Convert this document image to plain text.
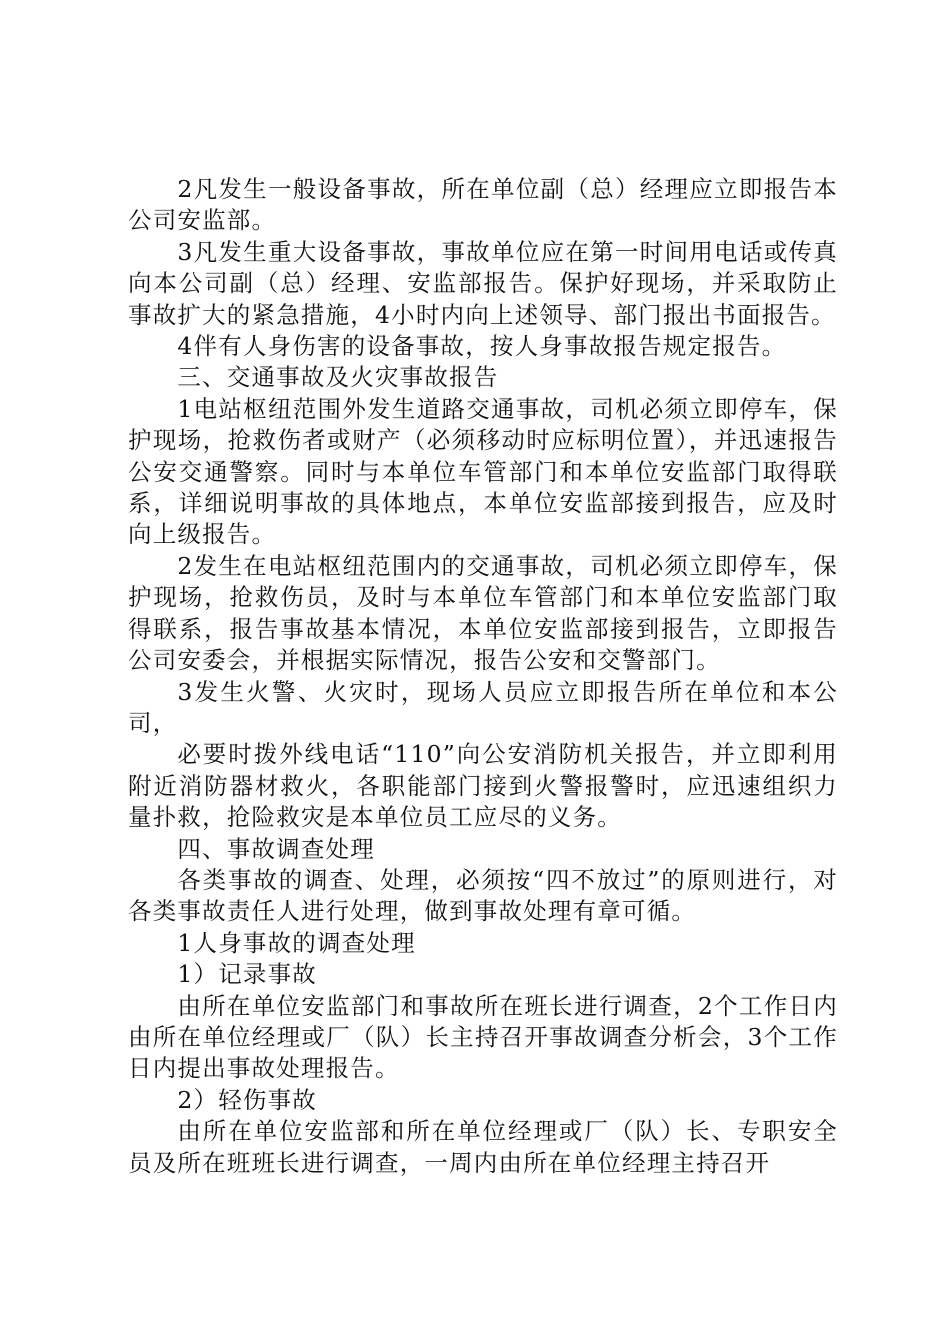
2凡发生一般设备事故，所在单位副（总）经理应立即报告本公司安监部。

3凡发生重大设备事故，事故单位应在第一时间用电话或传真向本公司副（总）经理、安监部报告。保护好现场，并采取防止事故扩大的紧急措施，4小时内向上述领导、部门报出书面报告。

4伴有人身伤害的设备事故，按人身事故报告规定报告。

三、交通事故及火灾事故报告

1电站枢纽范围外发生道路交通事故，司机必须立即停车，保护现场，抢救伤者或财产（必须移动时应标明位置），并迅速报告公安交通警察。同时与本单位车管部门和本单位安监部门取得联系，详细说明事故的具体地点，本单位安监部接到报告，应及时向上级报告。

2发生在电站枢纽范围内的交通事故，司机必须立即停车，保护现场，抢救伤员，及时与本单位车管部门和本单位安监部门取得联系，报告事故基本情况，本单位安监部接到报告，立即报告公司安委会，并根据实际情况，报告公安和交警部门。

3发生火警、火灾时，现场人员应立即报告所在单位和本公司，

必要时拨外线电话“110”向公安消防机关报告，并立即利用附近消防器材救火，各职能部门接到火警报警时，应迅速组织力量扑救，抢险救灾是本单位员工应尽的义务。

四、事故调查处理

各类事故的调查、处理，必须按“四不放过”的原则进行，对各类事故责任人进行处理，做到事故处理有章可循。

1人身事故的调查处理

1）记录事故

由所在单位安监部门和事故所在班长进行调查，2个工作日内由所在单位经理或厂（队）长主持召开事故调查分析会，3个工作日内提出事故处理报告。

2）轻伤事故

由所在单位安监部和所在单位经理或厂（队）长、专职安全员及所在班班长进行调查，一周内由所在单位经理主持召开
